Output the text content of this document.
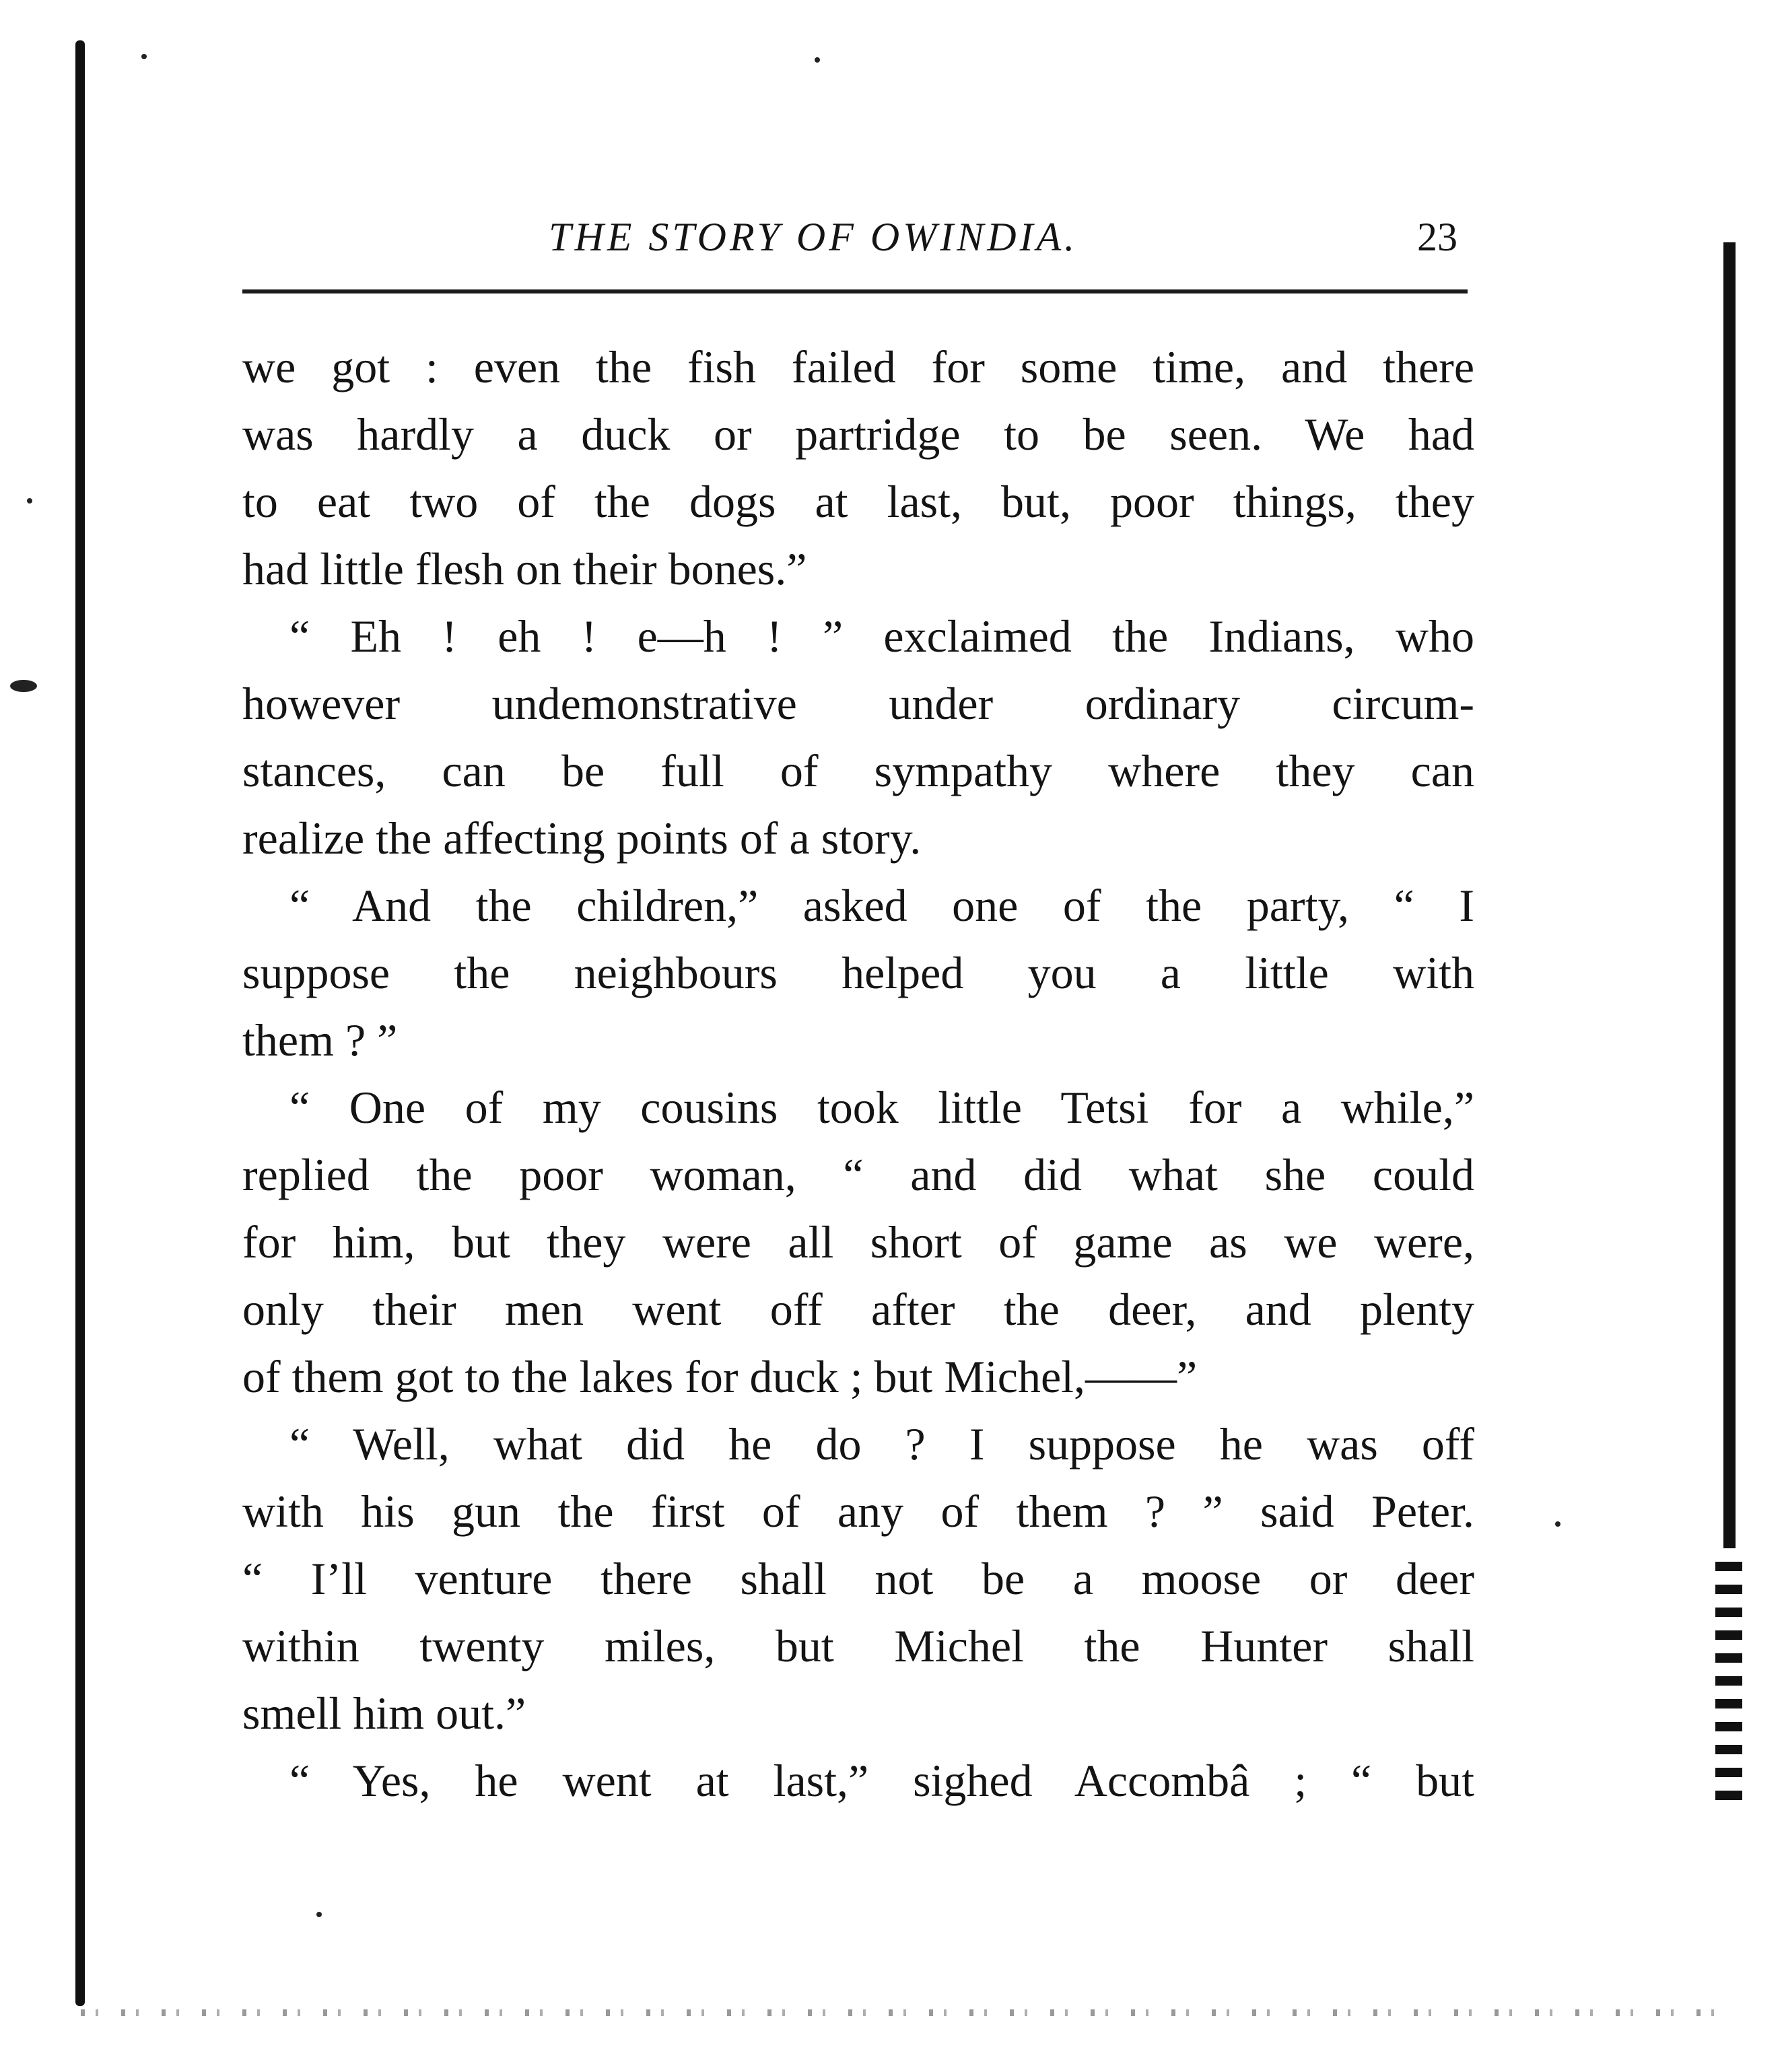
THE STORY OF OWINDIA.	23
we got : even the fish failed for some time, and there
was hardly a duck or partridge to be seen. We had
to eat two of the dogs at last, but, poor things, they
had little flesh on their bones.”
“ Eh ! eh ! e—h ! ” exclaimed the Indians, who
however undemonstrative under ordinary circum-
stances, can be full of sympathy where they can
realize the affecting points of a story.
“ And the children,” asked one of the party, “ I
suppose the neighbours helped you a little with
them ? ”
“ One of my cousins took little Tetsi for a while,”
replied the poor woman, “ and did what she could
for him, but they were all short of game as we were,
only their men went off after the deer, and plenty
of them got to the lakes for duck ; but Michel,——”
“ Well, what did he do ? I suppose he was off
with his gun the first of any of them ? ” said Peter.
“ I’ll venture there shall not be a moose or deer
within twenty miles, but Michel the Hunter shall
smell him out.”
“ Yes, he went at last,” sighed Accombâ ; “ but
